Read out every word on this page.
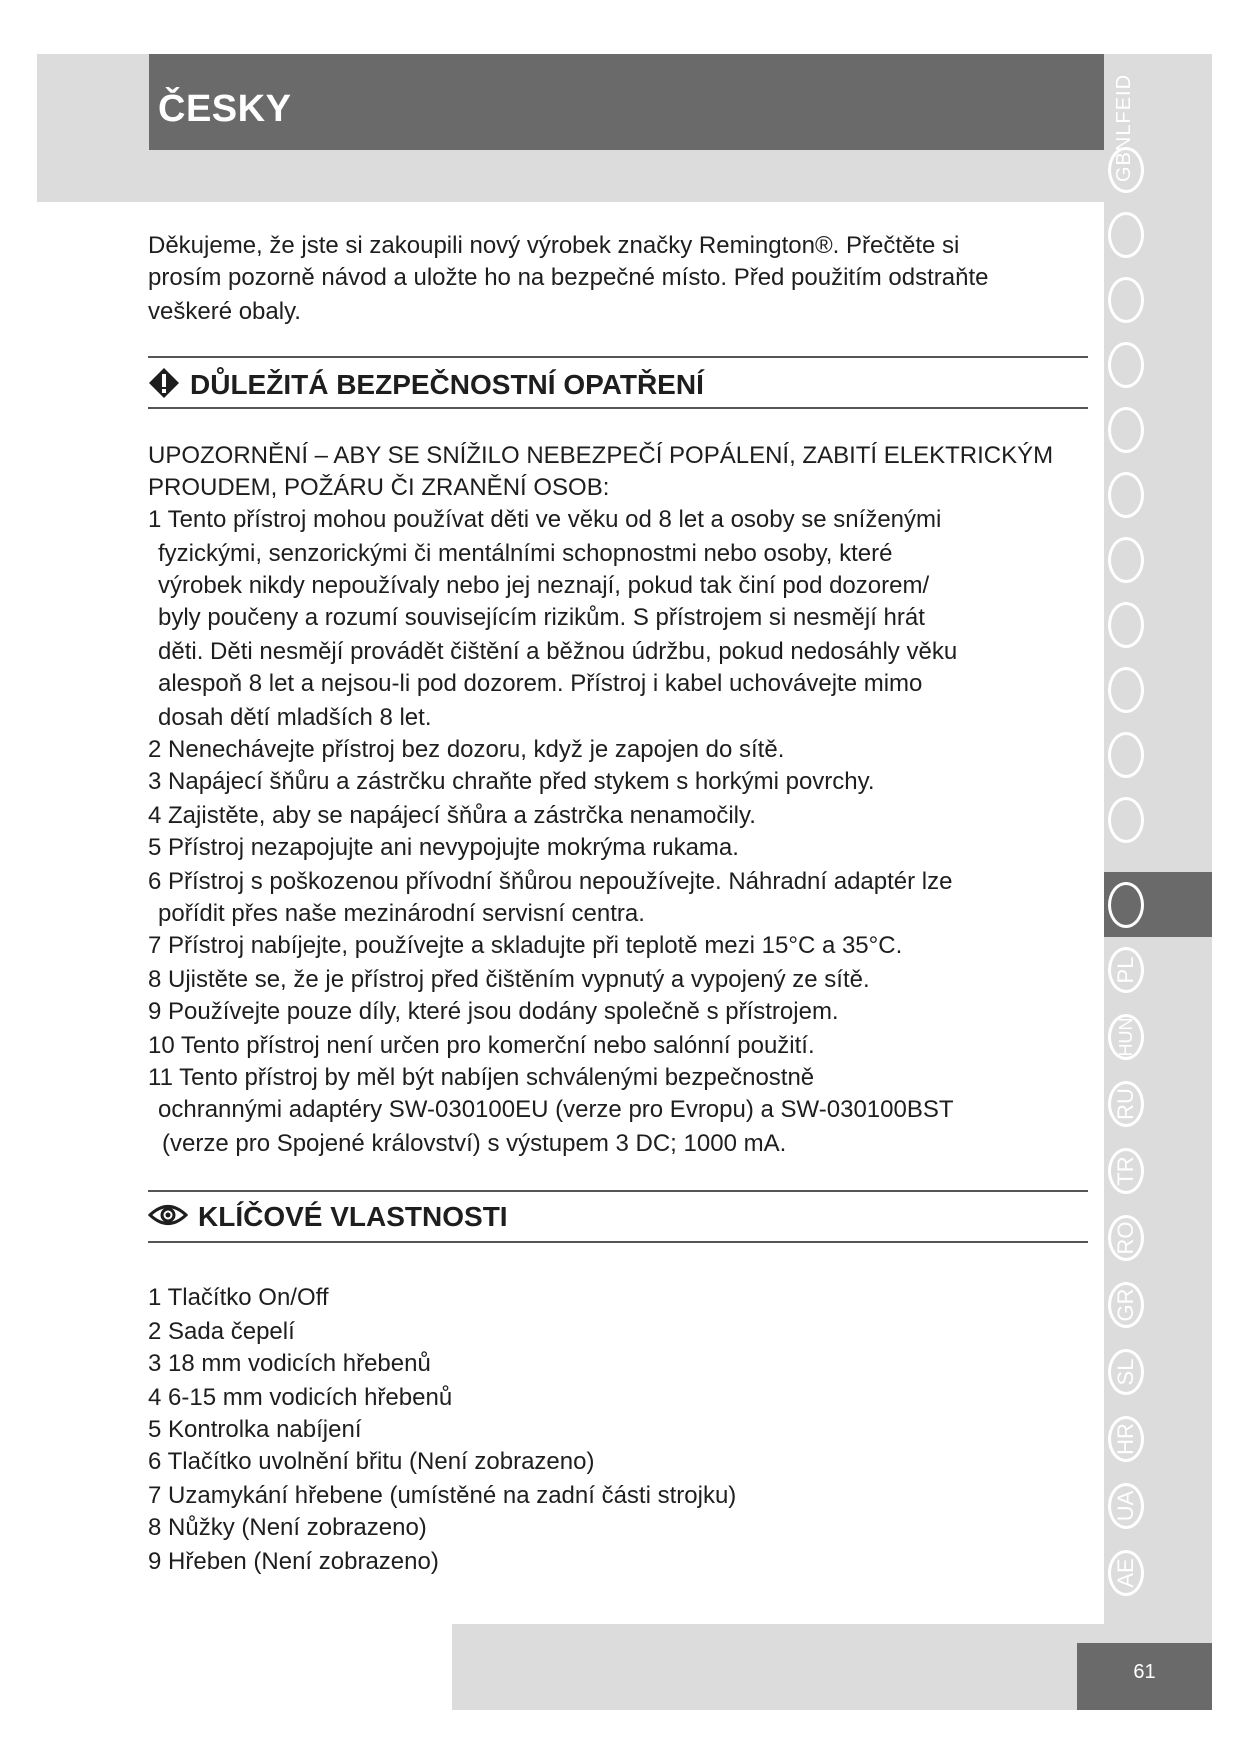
ČESKY
GBNLFEID
PL
HUN
RU
TR
RO
GR
SL
HR
UA
AE
CZ
61
Děkujeme, že jste si zakoupili nový výrobek značky Remington®. Přečtěte si
prosím pozorně návod a uložte ho na bezpečné místo. Před použitím odstraňte
veškeré obaly.
DŮLEŽITÁ BEZPEČNOSTNÍ OPATŘENÍ
UPOZORNĚNÍ – ABY SE SNÍŽILO NEBEZPEČÍ POPÁLENÍ, ZABITÍ ELEKTRICKÝM
PROUDEM, POŽÁRU ČI ZRANĚNÍ OSOB:
1 Tento přístroj mohou používat děti ve věku od 8 let a osoby se sníženými
fyzickými, senzorickými či mentálními schopnostmi nebo osoby, které
výrobek nikdy nepoužívaly nebo jej neznají, pokud tak činí pod dozorem/
byly poučeny a rozumí souvisejícím rizikům. S přístrojem si nesmějí hrát
děti. Děti nesmějí provádět čištění a běžnou údržbu, pokud nedosáhly věku
alespoň 8 let a nejsou-li pod dozorem. Přístroj i kabel uchovávejte mimo
dosah dětí mladších 8 let.
2 Nenechávejte přístroj bez dozoru, když je zapojen do sítě.
3 Napájecí šňůru a zástrčku chraňte před stykem s horkými povrchy.
4 Zajistěte, aby se napájecí šňůra a zástrčka nenamočily.
5 Přístroj nezapojujte ani nevypojujte mokrýma rukama.
6 Přístroj s poškozenou přívodní šňůrou nepoužívejte. Náhradní adaptér lze
pořídit přes naše mezinárodní servisní centra.
7 Přístroj nabíjejte, používejte a skladujte při teplotě mezi 15°C a 35°C.
8 Ujistěte se, že je přístroj před čištěním vypnutý a vypojený ze sítě.
9 Používejte pouze díly, které jsou dodány společně s přístrojem.
10 Tento přístroj není určen pro komerční nebo salónní použití.
11 Tento přístroj by měl být nabíjen schválenými bezpečnostně
ochrannými adaptéry SW-030100EU (verze pro Evropu) a SW-030100BST
(verze pro Spojené království) s výstupem 3 DC; 1000 mA.
KLÍČOVÉ VLASTNOSTI
1 Tlačítko On/Off
2 Sada čepelí
3 18 mm vodicích hřebenů
4 6-15 mm vodicích hřebenů
5 Kontrolka nabíjení
6 Tlačítko uvolnění břitu (Není zobrazeno)
7 Uzamykání hřebene (umístěné na zadní části strojku)
8 Nůžky (Není zobrazeno)
9 Hřeben (Není zobrazeno)
